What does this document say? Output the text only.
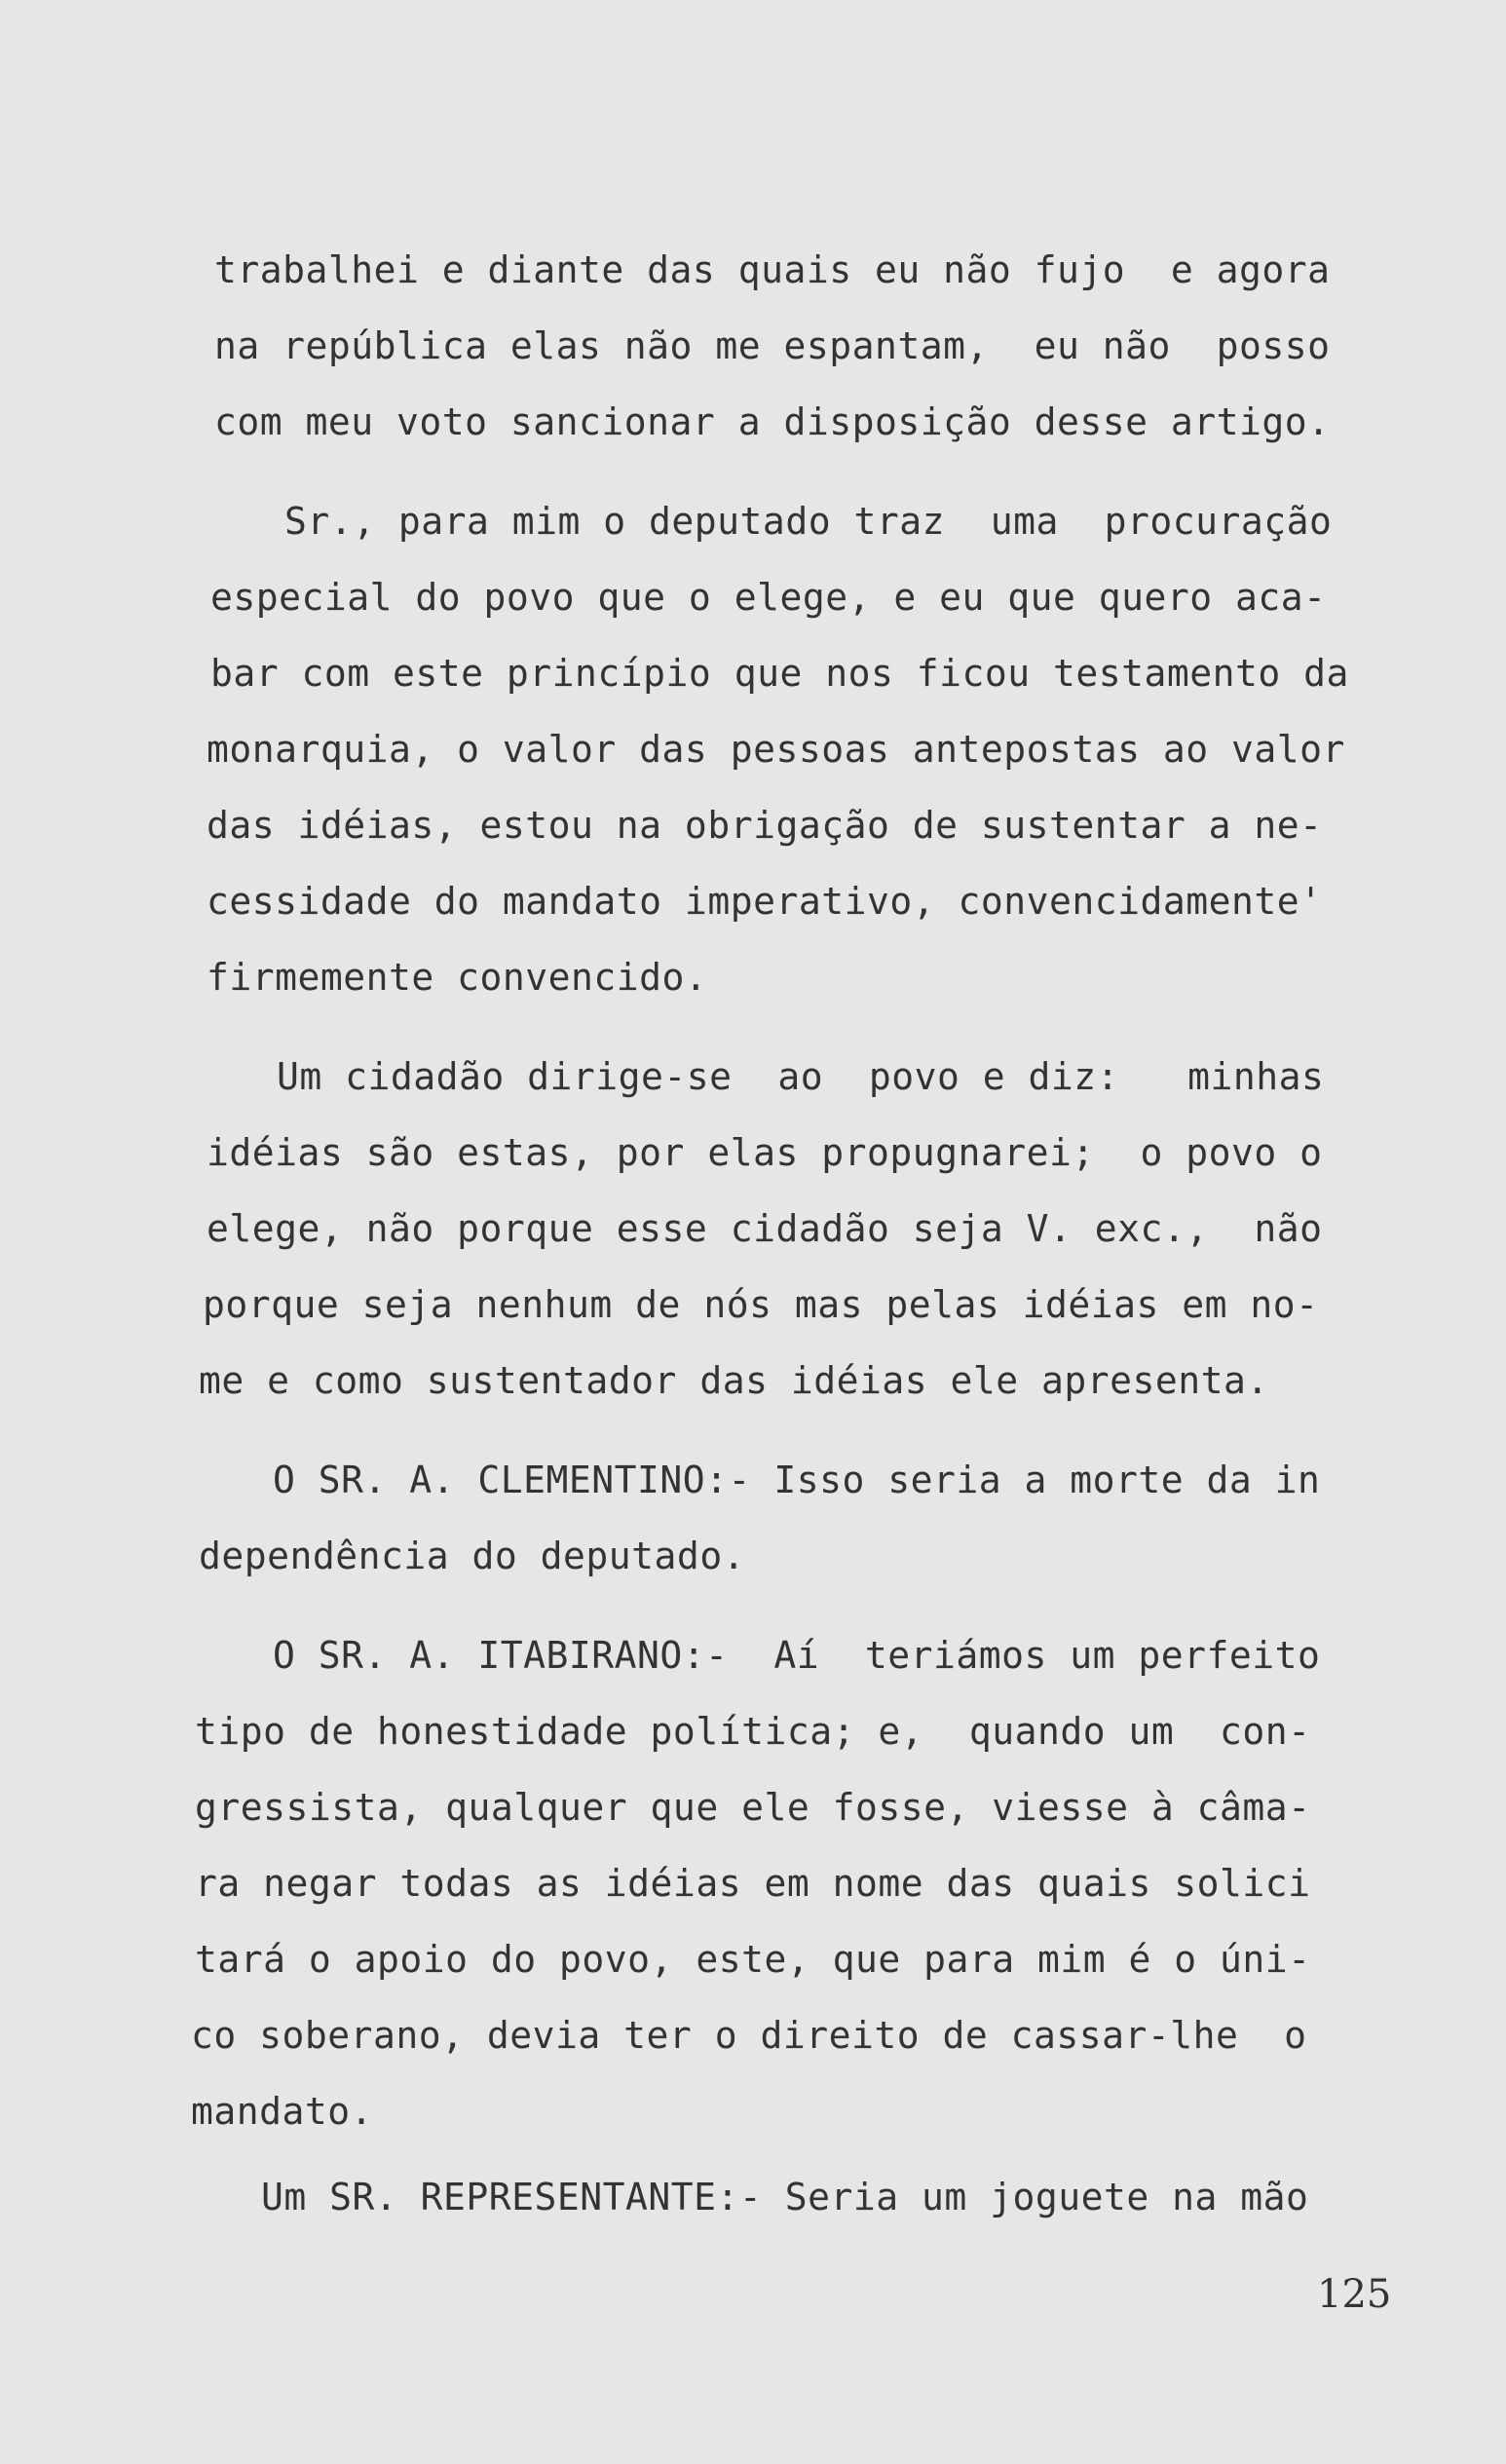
trabalhei e diante das quais eu não fujo  e agora
na república elas não me espantam,  eu não  posso
com meu voto sancionar a disposição desse artigo.
Sr., para mim o deputado traz  uma  procuração
especial do povo que o elege, e eu que quero aca-
bar com este princípio que nos ficou testamento da
monarquia, o valor das pessoas antepostas ao valor
das idéias, estou na obrigação de sustentar a ne-
cessidade do mandato imperativo, convencidamente'
firmemente convencido.
Um cidadão dirige-se  ao  povo e diz:   minhas
idéias são estas, por elas propugnarei;  o povo o
elege, não porque esse cidadão seja V. exc.,  não
porque seja nenhum de nós mas pelas idéias em no-
me e como sustentador das idéias ele apresenta.
O SR. A. CLEMENTINO:- Isso seria a morte da in
dependência do deputado.
O SR. A. ITABIRANO:-  Aí  teriámos um perfeito
tipo de honestidade política; e,  quando um  con-
gressista, qualquer que ele fosse, viesse à câma-
ra negar todas as idéias em nome das quais solici
tará o apoio do povo, este, que para mim é o úni-
co soberano, devia ter o direito de cassar-lhe  o
mandato.
Um SR. REPRESENTANTE:- Seria um joguete na mão
125
